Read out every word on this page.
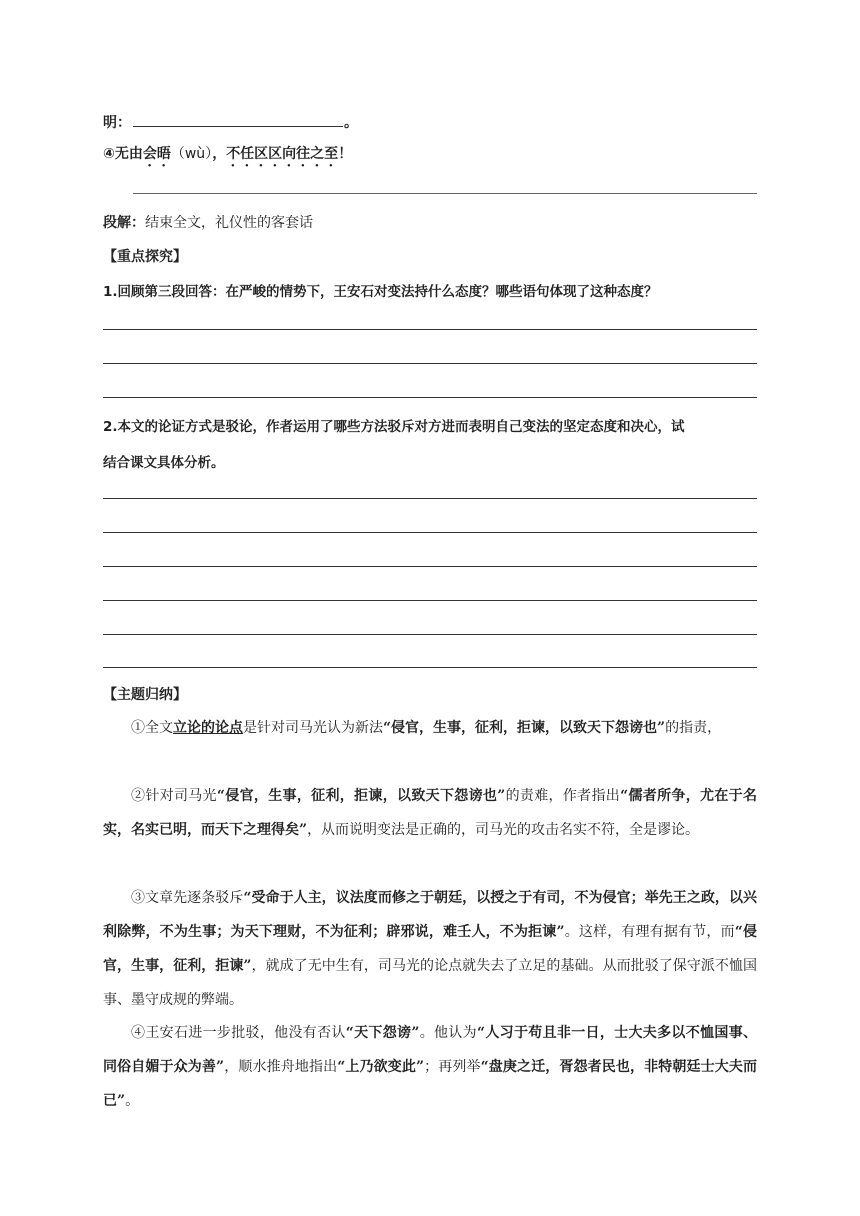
明：	。
④无由会晤（wù），不任区区向往之至！
段解：结束全文，礼仪性的客套话
【重点探究】
1.回顾第三段回答：在严峻的情势下，王安石对变法持什么态度？哪些语句体现了这种态度？
2.本文的论证方式是驳论，作者运用了哪些方法驳斥对方进而表明自己变法的坚定态度和决心，试
结合课文具体分析。
【主题归纳】
①全文立论的论点是针对司马光认为新法“侵官，生事，征利，拒谏，以致天下怨谤也”的指责，
②针对司马光“侵官，生事，征利，拒谏，以致天下怨谤也”的责难，作者指出“儒者所争，尤在于名实，名实已明，而天下之理得矣”，从而说明变法是正确的，司马光的攻击名实不符，全是谬论。
③文章先逐条驳斥“受命于人主，议法度而修之于朝廷，以授之于有司，不为侵官；举先王之政，以兴利除弊，不为生事；为天下理财，不为征利；辟邪说，难壬人，不为拒谏”。这样，有理有据有节，而“侵官，生事，征利，拒谏”，就成了无中生有，司马光的论点就失去了立足的基础。从而批驳了保守派不恤国事、墨守成规的弊端。
④王安石进一步批驳，他没有否认“天下怨谤”。他认为“人习于苟且非一日，士大夫多以不恤国事、同俗自媚于众为善”，顺水推舟地指出“上乃欲变此”；再列举“盘庚之迁，胥怨者民也，非特朝廷士大夫而已”。
